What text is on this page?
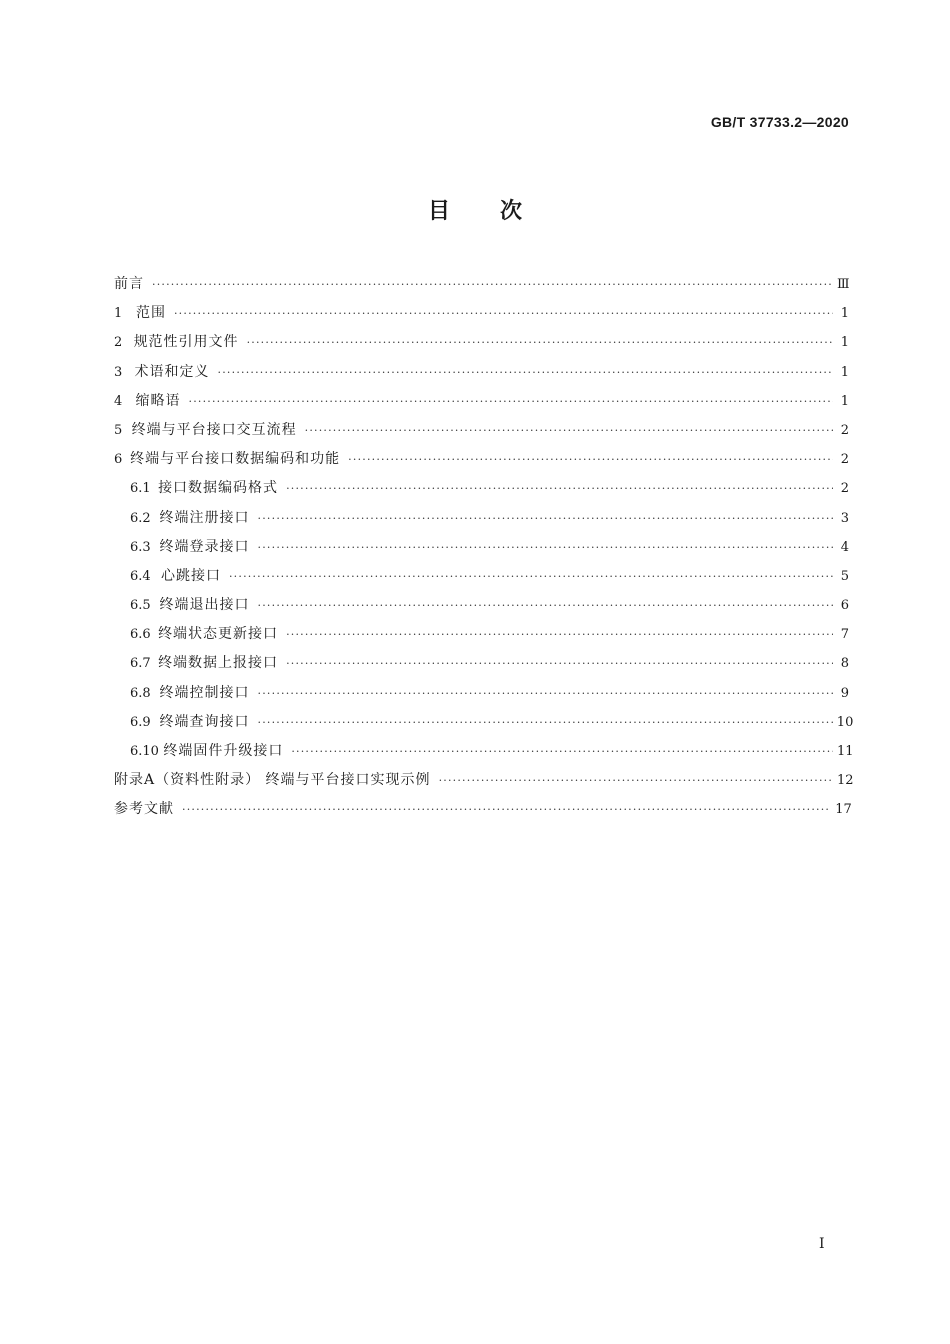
GB/T 37733.2—2020
目次
前言 ·····	Ⅲ
1 范围 ·····	1
2 规范性引用文件 ·····	1
3 术语和定义 ·····	1
4 缩略语 ·····	1
5 终端与平台接口交互流程 ·····	2
6 终端与平台接口数据编码和功能 ·····	2
6.1 接口数据编码格式 ·····	2
6.2 终端注册接口 ·····	3
6.3 终端登录接口 ·····	4
6.4 心跳接口 ·····	5
6.5 终端退出接口 ·····	6
6.6 终端状态更新接口 ·····	7
6.7 终端数据上报接口 ·····	8
6.8 终端控制接口 ·····	9
6.9 终端查询接口 ·····	10
6.10 终端固件升级接口 ·····	11
附录A（资料性附录） 终端与平台接口实现示例 ·····	12
参考文献 ·····	17
Ⅰ
